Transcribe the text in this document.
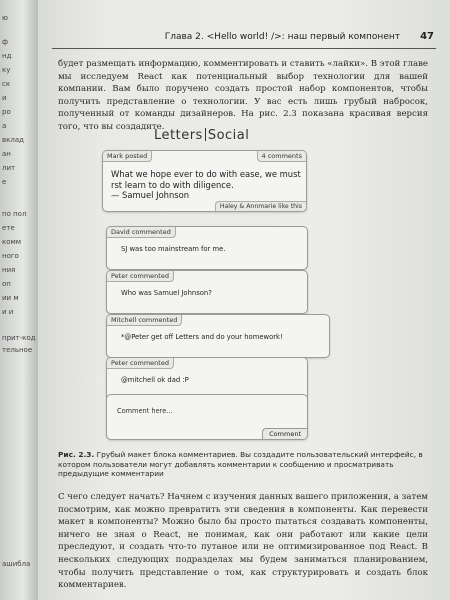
ю
ф
нд
ку
ск
и
ро
а
вклад
ан
лит
е
по пол
ете
комм
ного
ния
оп
ии м
и и
прит-код
тельное
ашибла
Глава 2. <Hello world! />: наш первый компонент 47
будет размещать информацию, комментировать и ставить «лайки». В этой главе мы исследуем React как потенциальный выбор технологии для вашей компании. Вам было поручено создать простой набор компонентов, чтобы получить представление о технологии. У вас есть лишь грубый набросок, полученный от команды дизайнеров. На рис. 2.3 показана красивая версия того, что вы создадите.
Letters Social
Mark posted	4 comments
What we hope ever to do with ease, we must rst learn to do with diligence.
— Samuel Johnson
Haley & Annmarie like this
David commented
SJ was too mainstream for me.
Peter commented
Who was Samuel Johnson?
Mitchell commented
*@Peter get off Letters and do your homework!
Peter commented
@mitchell ok dad :P
Comment here...
Comment
Рис. 2.3. Грубый макет блока комментариев. Вы создадите пользовательский интерфейс, в котором пользователи могут добавлять комментарии к сообщению и просматривать предыдущие комментарии
С чего следует начать? Начнем с изучения данных вашего приложения, а затем посмотрим, как можно превратить эти сведения в компоненты. Как перевести макет в компоненты? Можно было бы просто пытаться создавать компоненты, ничего не зная о React, не понимая, как они работают или какие цели преследуют, и создать что-то путаное или не оптимизированное под React. В нескольких следующих подразделах мы будем заниматься планированием, чтобы получить представление о том, как структурировать и создать блок комментариев.
